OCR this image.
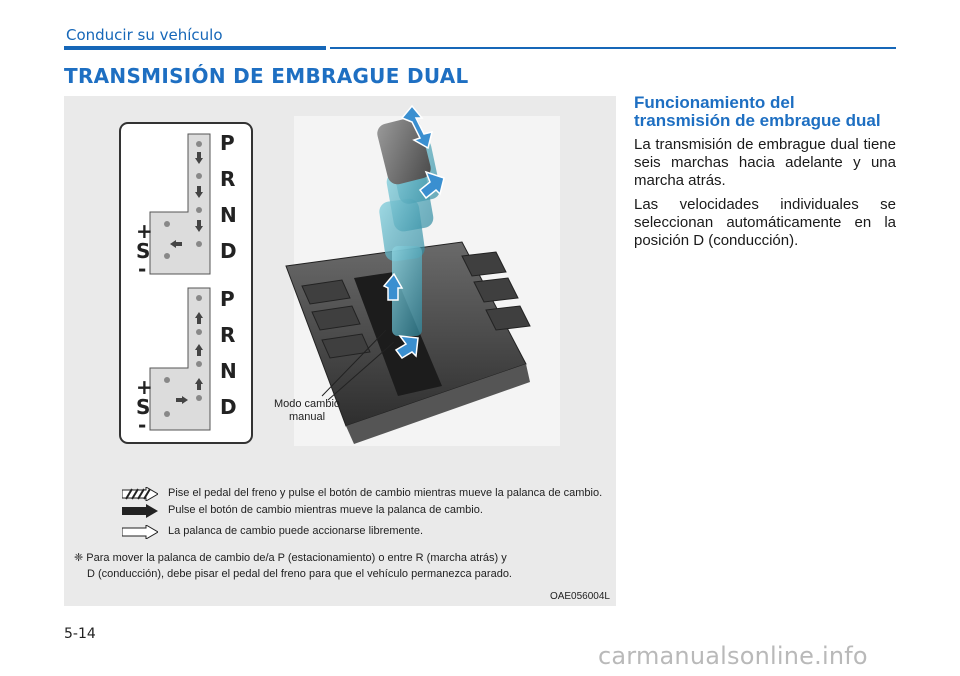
Conducir su vehículo
TRANSMISIÓN DE EMBRAGUE DUAL
P
R
N
D
P
R
N
D
+
S
-
+
S
-
Modo cambio
manual
Pise el pedal del freno y pulse el botón de cambio mientras mueve la palanca de cambio.
Pulse el botón de cambio mientras mueve la palanca de cambio.
La palanca de cambio puede accionarse libremente.
❈ Para mover la palanca de cambio de/a P (estacionamiento) o entre R (marcha atrás) y
D (conducción), debe pisar el pedal del freno para que el vehículo permanezca parado.
OAE056004L
Funcionamiento del
transmisión de embrague dual

La transmisión de embrague dual tiene seis marchas hacia adelante y una marcha atrás.

Las velocidades individuales se seleccionan automáticamente en la posición D (conducción).

5-14
carmanualsonline.info
